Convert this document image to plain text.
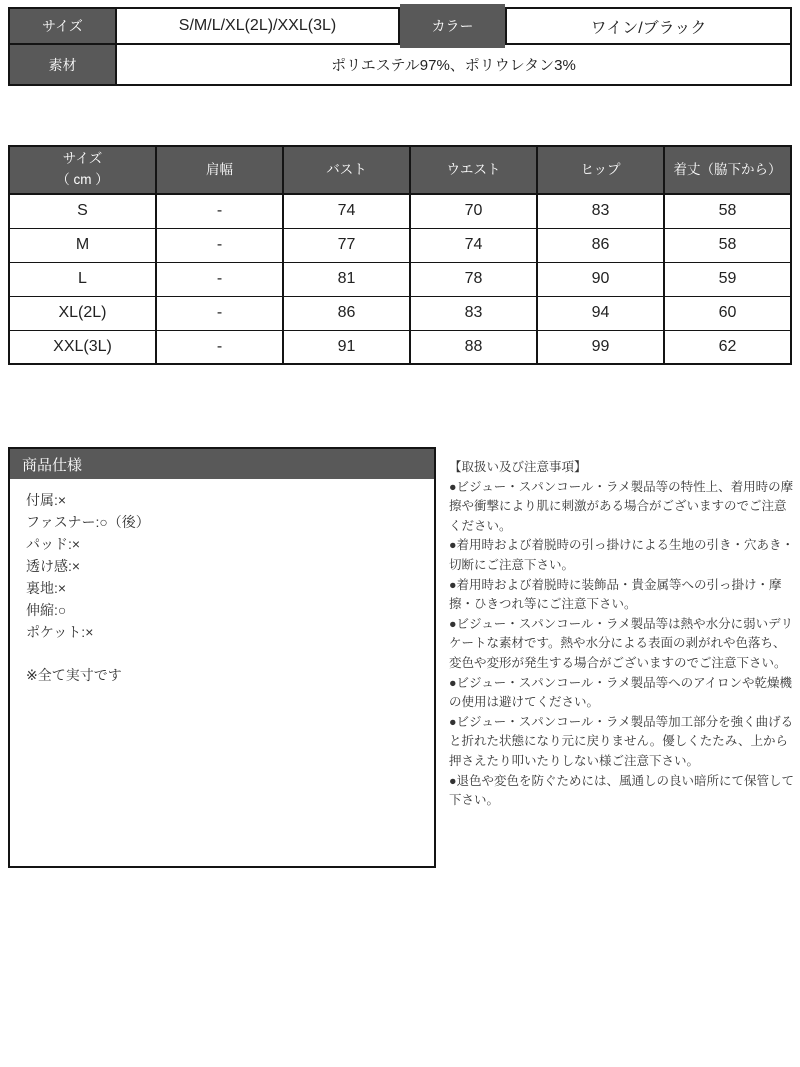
サイズ	S/M/L/XL(2L)/XXL(3L)	カラー	ワイン/ブラック
素材	ポリエステル97%、ポリウレタン3%
サイズ
（ cm ）	肩幅	バスト	ウエスト	ヒップ	着丈（脇下から）
S	-	74	70	83	58
M	-	77	74	86	58
L	-	81	78	90	59
XL(2L)	-	86	83	94	60
XXL(3L)	-	91	88	99	62
商品仕様

付属:×

ファスナー:○（後）

パッド:×

透け感:×

裏地:×

伸縮:○

ポケット:×

※全て実寸です

【取扱い及び注意事項】

●ビジュー・スパンコール・ラメ製品等の特性上、着用時の摩擦や衝撃により肌に刺激がある場合がございますのでご注意ください。

●着用時および着脱時の引っ掛けによる生地の引き・穴あき・切断にご注意下さい。

●着用時および着脱時に装飾品・貴金属等への引っ掛け・摩擦・ひきつれ等にご注意下さい。

●ビジュー・スパンコール・ラメ製品等は熱や水分に弱いデリケートな素材です。熱や水分による表面の剥がれや色落ち、変色や変形が発生する場合がございますのでご注意下さい。

●ビジュー・スパンコール・ラメ製品等へのアイロンや乾燥機の使用は避けてください。

●ビジュー・スパンコール・ラメ製品等加工部分を強く曲げると折れた状態になり元に戻りません。優しくたたみ、上から押さえたり叩いたりしない様ご注意下さい。

●退色や変色を防ぐためには、風通しの良い暗所にて保管して下さい。
